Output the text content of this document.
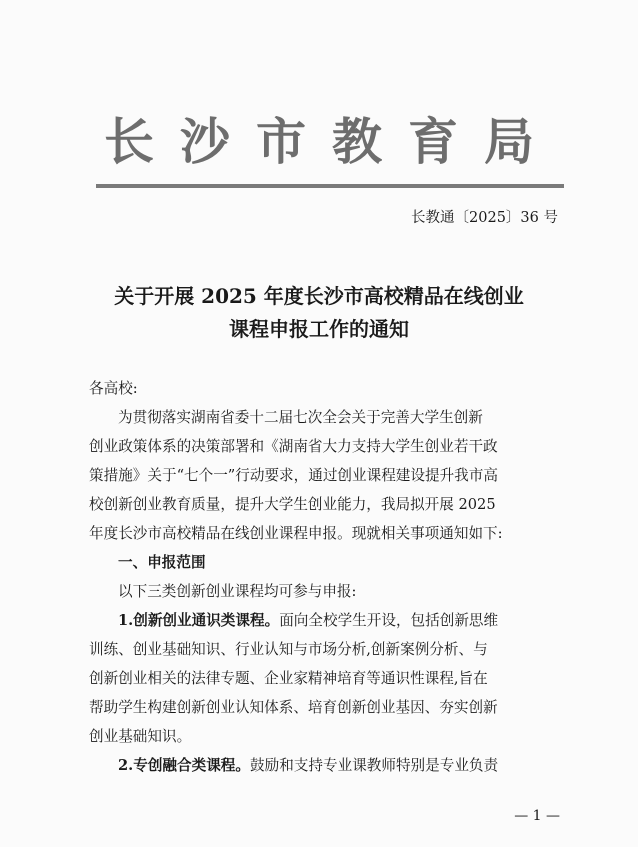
长沙市教育局
长教通〔2025〕36 号
关于开展 2025 年度长沙市高校精品在线创业
课程申报工作的通知

各高校:

为贯彻落实湖南省委十二届七次全会关于完善大学生创新

创业政策体系的决策部署和《湖南省大力支持大学生创业若干政

策措施》关于“七个一”行动要求，通过创业课程建设提升我市高

校创新创业教育质量，提升大学生创业能力，我局拟开展 2025

年度长沙市高校精品在线创业课程申报。现就相关事项通知如下:

一、申报范围

以下三类创新创业课程均可参与申报:

1.创新创业通识类课程。面向全校学生开设，包括创新思维

训练、创业基础知识、行业认知与市场分析,创新案例分析、与

创新创业相关的法律专题、企业家精神培育等通识性课程,旨在

帮助学生构建创新创业认知体系、培育创新创业基因、夯实创新

创业基础知识。

2.专创融合类课程。鼓励和支持专业课教师特别是专业负责

— 1 —
